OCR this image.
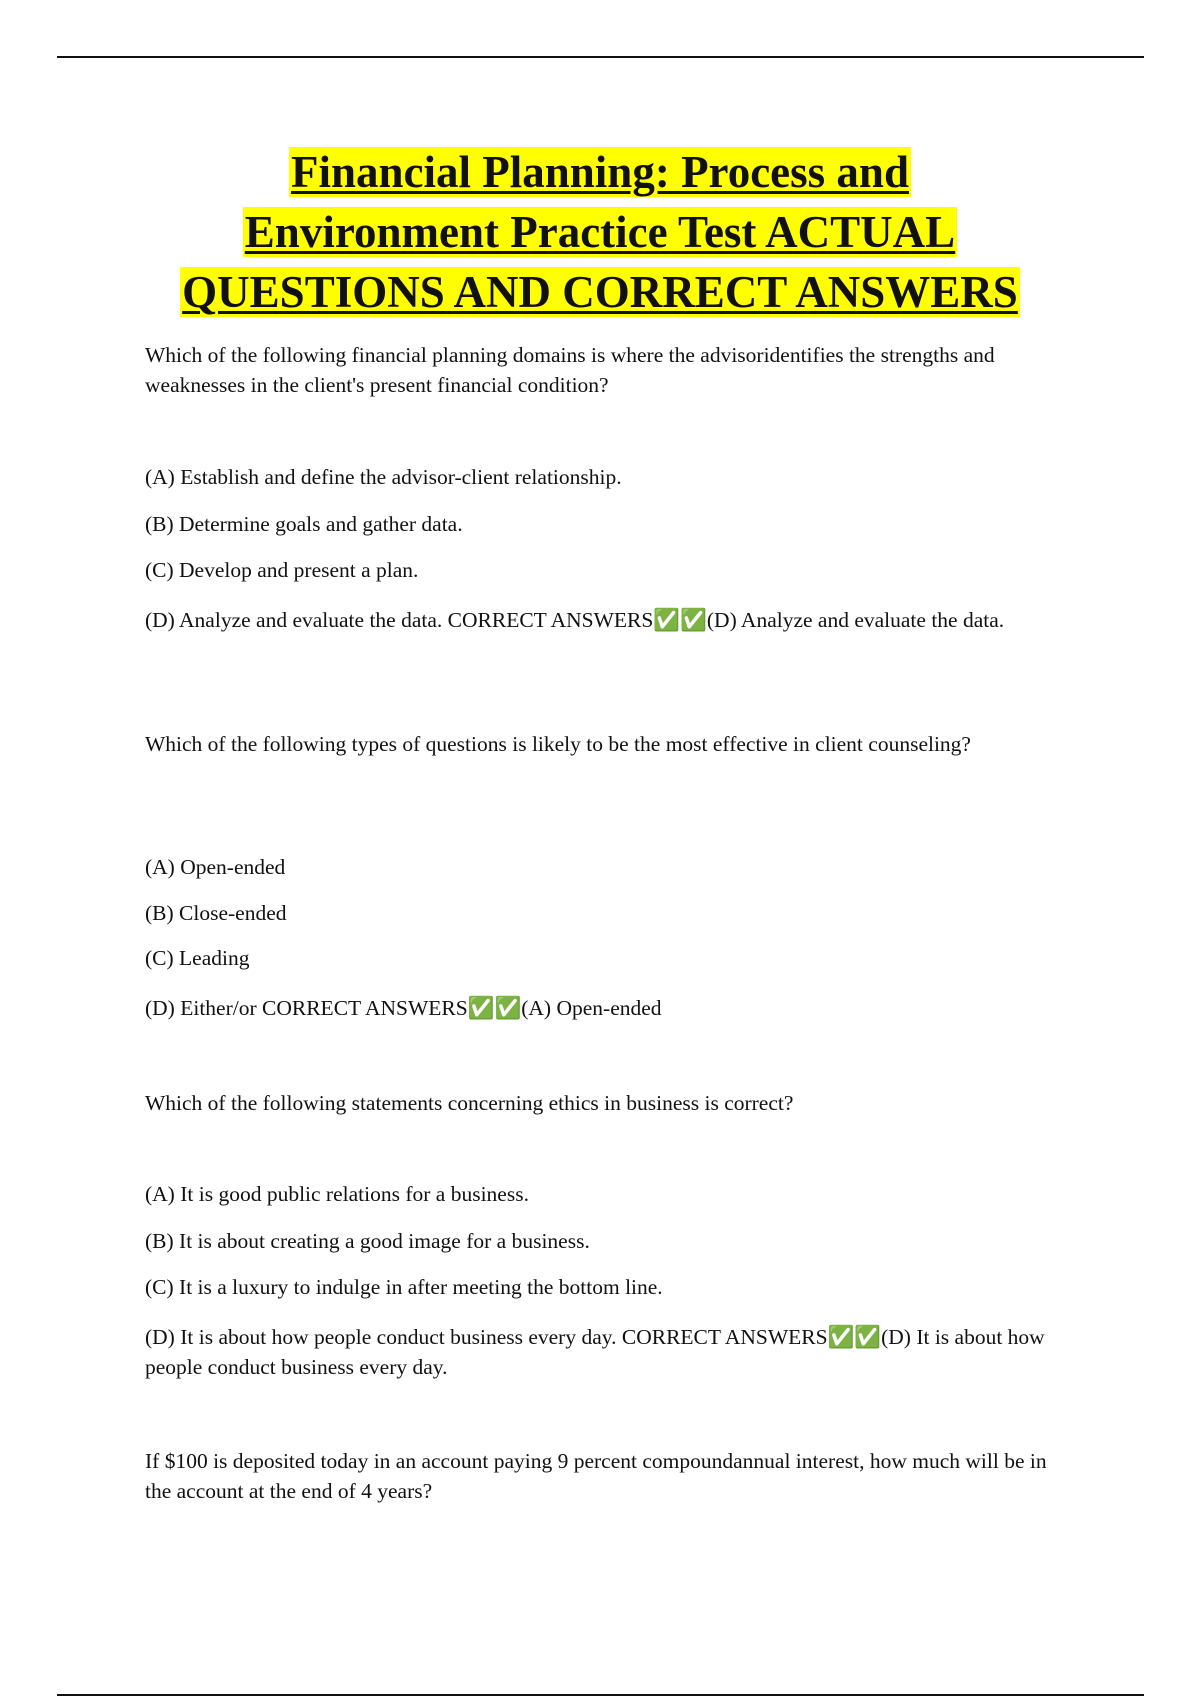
Financial Planning: Process and
Environment Practice Test ACTUAL
QUESTIONS AND CORRECT ANSWERS

Which of the following financial planning domains is where the advisoridentifies the strengths and weaknesses in the client's present financial condition?

(A) Establish and define the advisor-client relationship.

(B) Determine goals and gather data.

(C) Develop and present a plan.

(D) Analyze and evaluate the data. CORRECT ANSWERS✅✅(D) Analyze and evaluate the data.

Which of the following types of questions is likely to be the most effective in client counseling?

(A) Open-ended

(B) Close-ended

(C) Leading

(D) Either/or CORRECT ANSWERS✅✅(A) Open-ended

Which of the following statements concerning ethics in business is correct?

(A) It is good public relations for a business.

(B) It is about creating a good image for a business.

(C) It is a luxury to indulge in after meeting the bottom line.

(D) It is about how people conduct business every day. CORRECT ANSWERS✅✅(D) It is about how people conduct business every day.

If $100 is deposited today in an account paying 9 percent compoundannual interest, how much will be in the account at the end of 4 years?
